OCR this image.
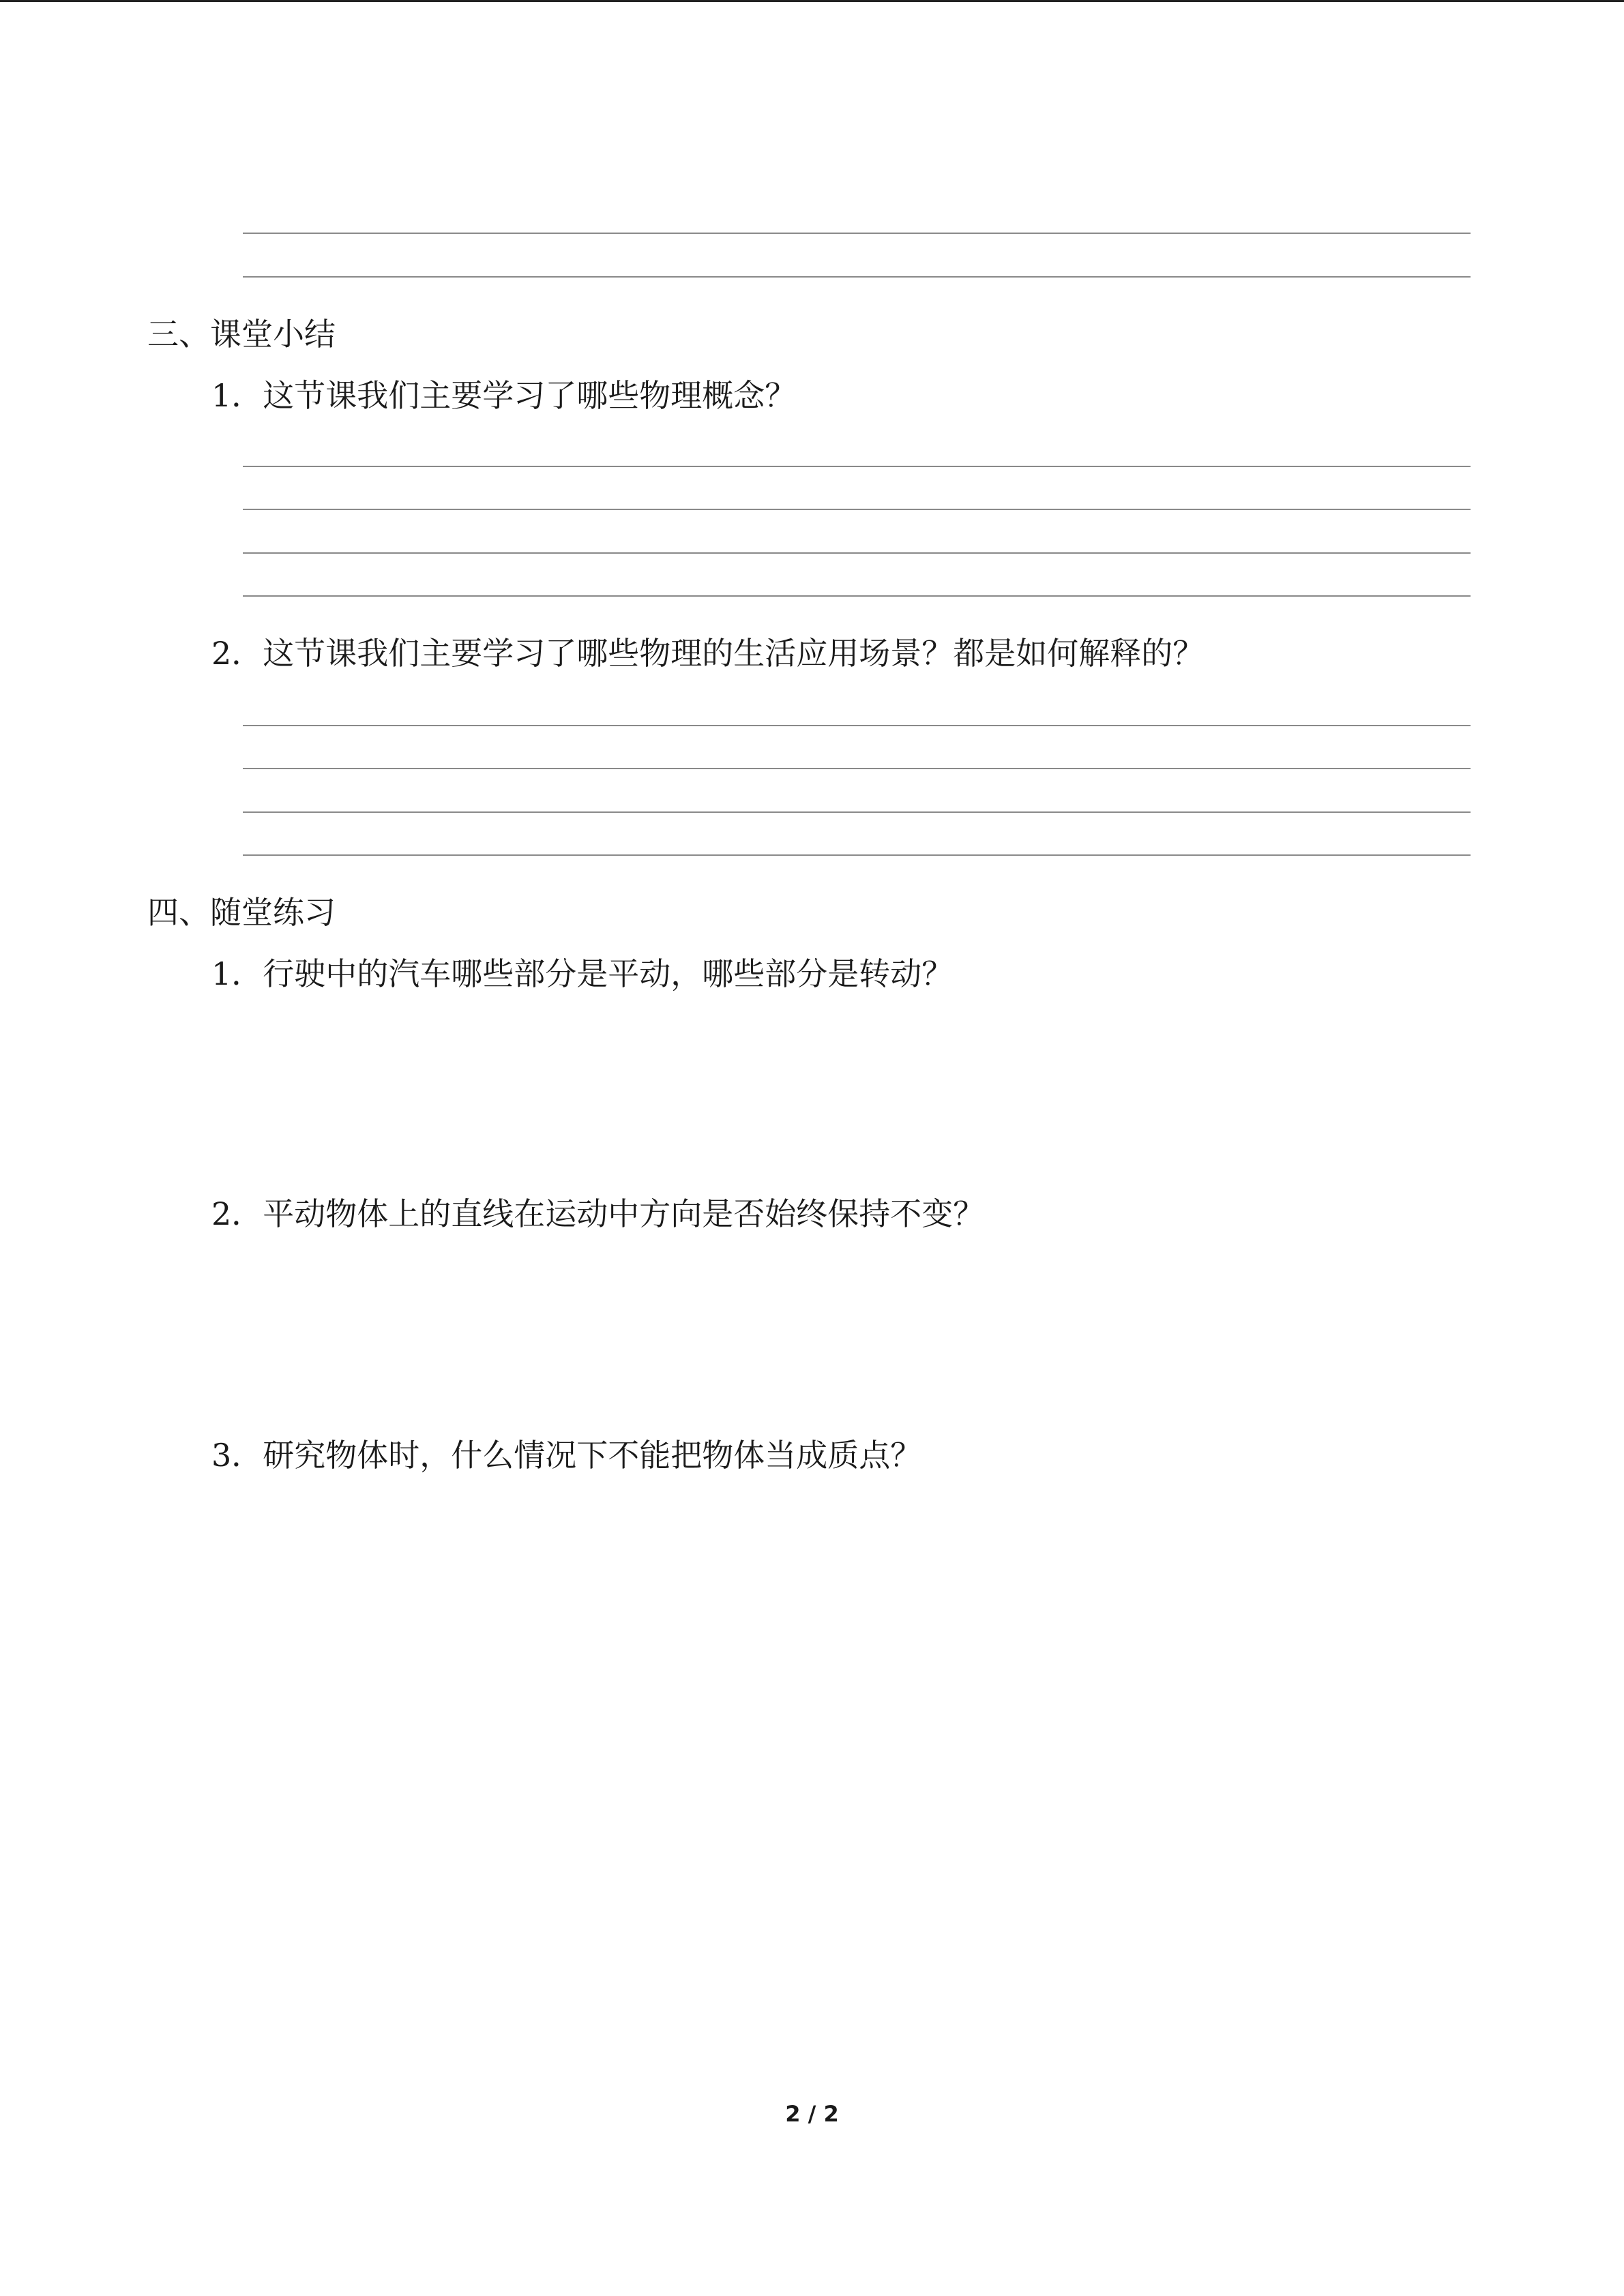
三、课堂小结
1．这节课我们主要学习了哪些物理概念？
2．这节课我们主要学习了哪些物理的生活应用场景？都是如何解释的？
四、随堂练习
1．行驶中的汽车哪些部分是平动，哪些部分是转动？
2．平动物体上的直线在运动中方向是否始终保持不变？
3．研究物体时，什么情况下不能把物体当成质点？
2 / 2
